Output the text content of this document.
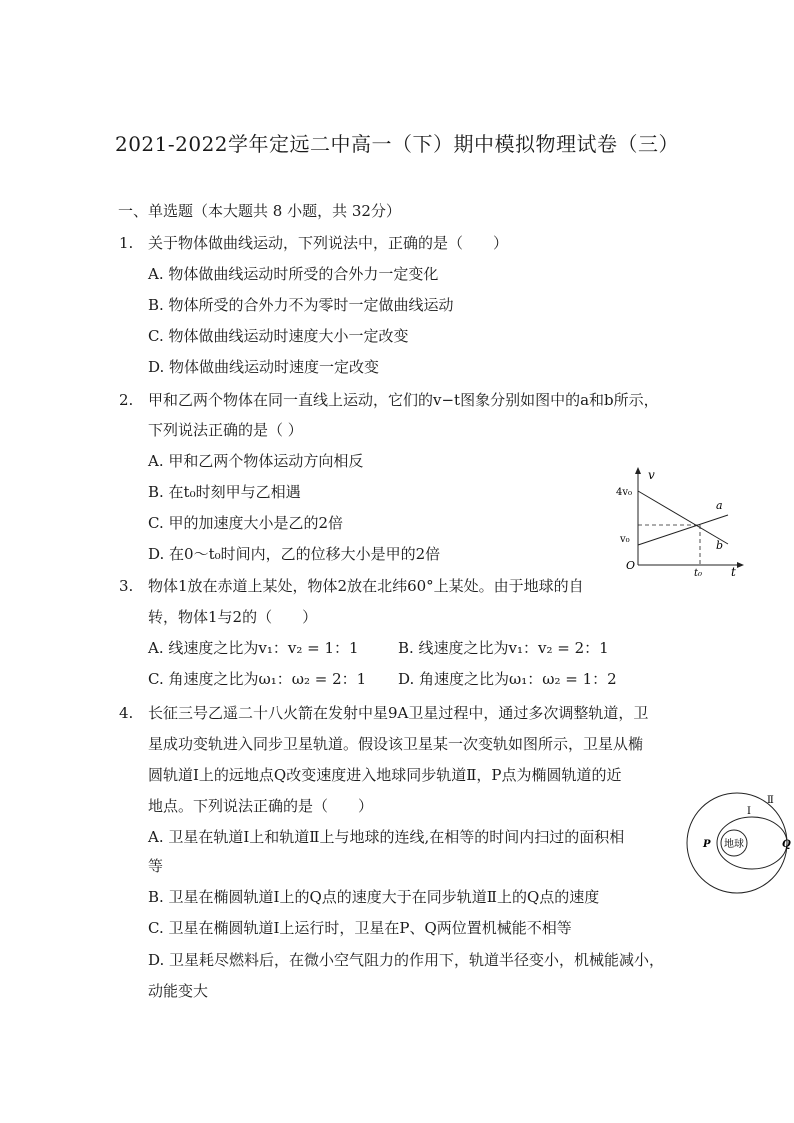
2021-2022学年定远二中高一（下）期中模拟物理试卷（三）
一、单选题（本大题共 8 小题，共 32分）
1. 关于物体做曲线运动，下列说法中，正确的是（　　）
A. 物体做曲线运动时所受的合外力一定变化
B. 物体所受的合外力不为零时一定做曲线运动
C. 物体做曲线运动时速度大小一定改变
D. 物体做曲线运动时速度一定改变
2. 甲和乙两个物体在同一直线上运动，它们的v−t图象分别如图中的a和b所示，
下列说法正确的是（ ）
A. 甲和乙两个物体运动方向相反
B. 在t₀时刻甲与乙相遇
C. 甲的加速度大小是乙的2倍
D. 在0～t₀时间内，乙的位移大小是甲的2倍
v
4v₀
v₀
O
t₀ t
a
b
3. 物体1放在赤道上某处，物体2放在北纬60°上某处。由于地球的自
转，物体1与2的（　　）
A. 线速度之比为v₁：v₂ = 1：1	B. 线速度之比为v₁：v₂ = 2：1
C. 角速度之比为ω₁：ω₂ = 2：1 D. 角速度之比为ω₁：ω₂ = 1：2
4. 长征三号乙遥二十八火箭在发射中星9A卫星过程中，通过多次调整轨道，卫
星成功变轨进入同步卫星轨道。假设该卫星某一次变轨如图所示，卫星从椭
圆轨道Ⅰ上的远地点Q改变速度进入地球同步轨道Ⅱ，P点为椭圆轨道的近
地点。下列说法正确的是（　　）
A. 卫星在轨道Ⅰ上和轨道Ⅱ上与地球的连线,在相等的时间内扫过的面积相
等
B. 卫星在椭圆轨道Ⅰ上的Q点的速度大于在同步轨道Ⅱ上的Q点的速度
C. 卫星在椭圆轨道Ⅰ上运行时，卫星在P、Q两位置机械能不相等
D. 卫星耗尽燃料后，在微小空气阻力的作用下，轨道半径变小，机械能减小，
动能变大
地球
P	Q
Ⅰ
Ⅱ
